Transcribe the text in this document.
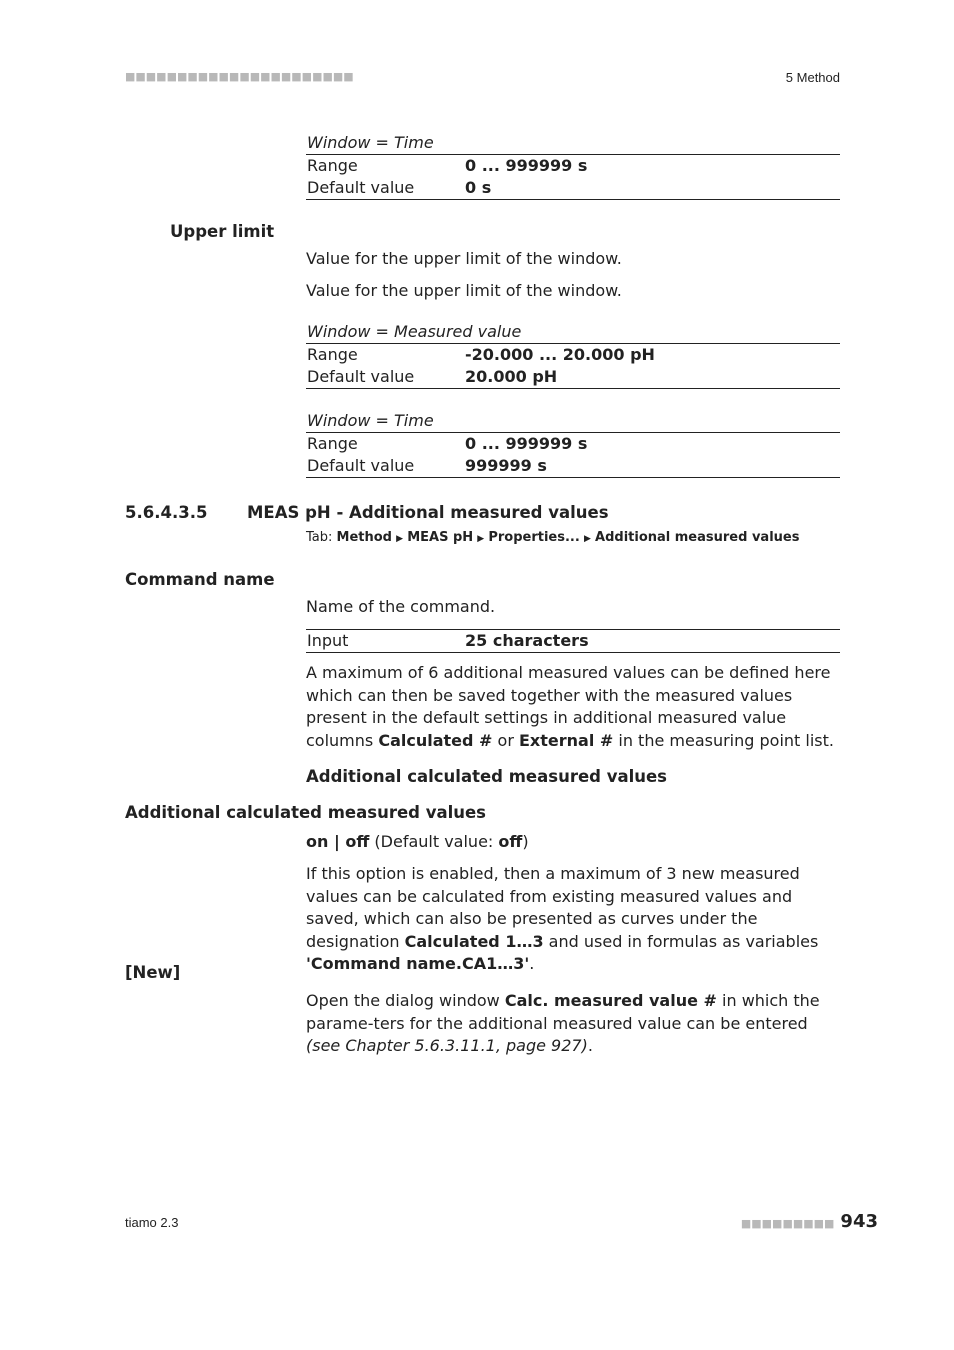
■■■■■■■■■■■■■■■■■■■■■■	5 Method
Window = Time
Range	0 ... 999999 s
Default value	0 s
Upper limit
Value for the upper limit of the window.
Value for the upper limit of the window.
Window = Measured value
Range	-20.000 ... 20.000 pH
Default value	20.000 pH
Window = Time
Range	0 ... 999999 s
Default value	999999 s
5.6.4.3.5 MEAS pH - Additional measured values
Tab: Method ▶ MEAS pH ▶ Properties... ▶ Additional measured values
Command name
Name of the command.
Input	25 characters
A maximum of 6 additional measured values can be defined here which can then be saved together with the measured values present in the default settings in additional measured value columns Calculated # or External # in the measuring point list.
Additional calculated measured values
Additional calculated measured values
on | off (Default value: off)
If this option is enabled, then a maximum of 3 new measured values can be calculated from existing measured values and saved, which can also be presented as curves under the designation Calculated 1…3 and used in formulas as variables 'Command name.CA1…3'.
[New]
Open the dialog window Calc. measured value # in which the parame-ters for the additional measured value can be entered (see Chapter 5.6.3.11.1, page 927).
tiamo 2.3	■■■■■■■■■ 943
